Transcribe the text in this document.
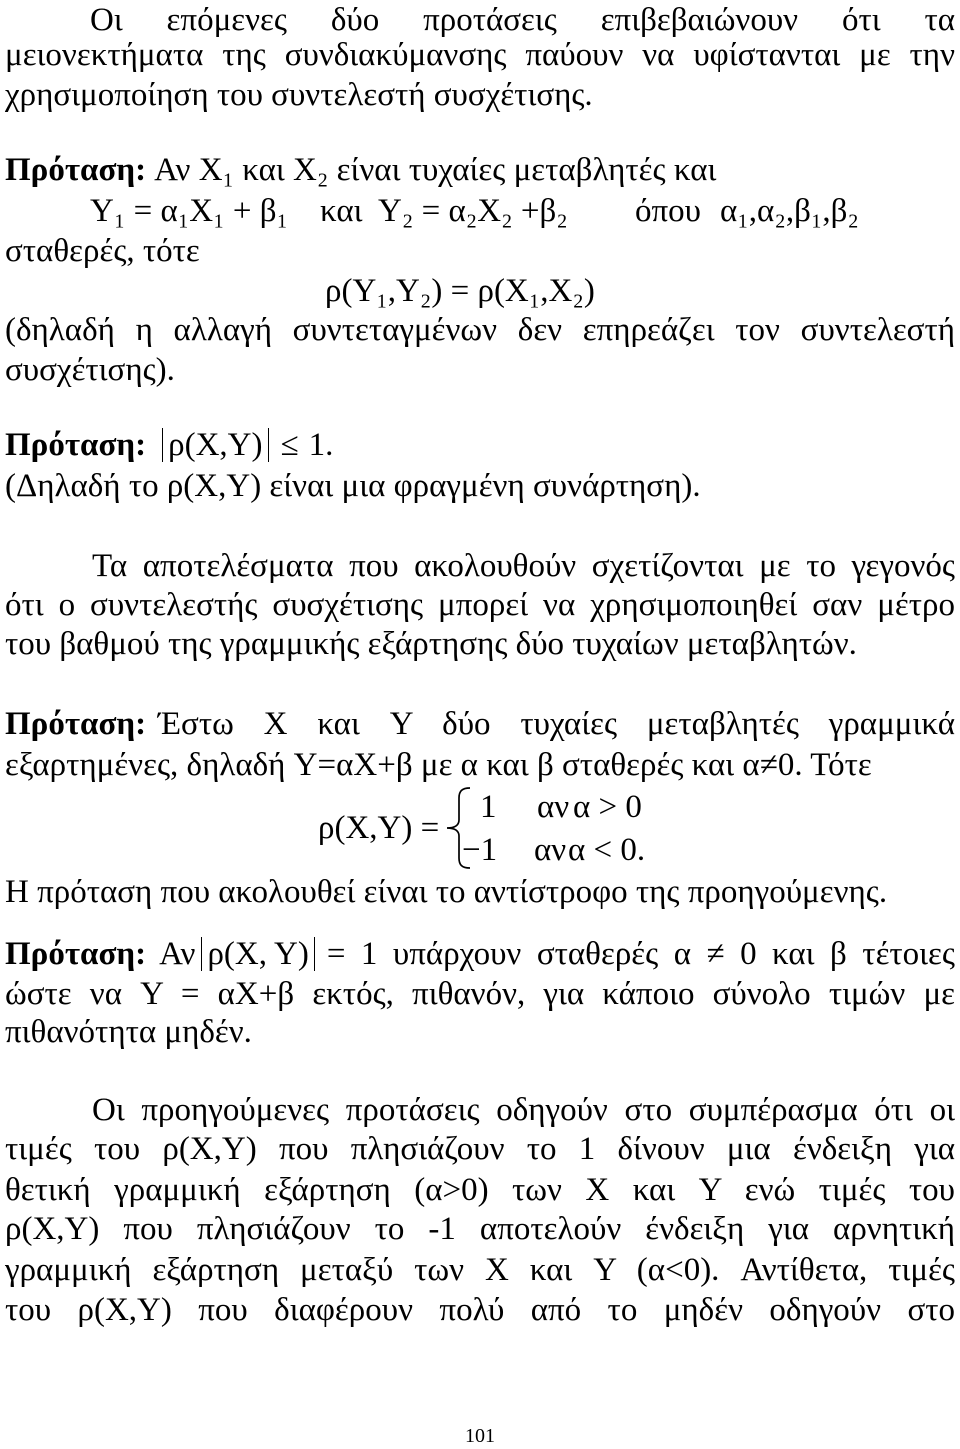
Οι επόμενες δύο προτάσεις επιβεβαιώνουν ότι τα
μειονεκτήματα της συνδιακύμανσης παύουν να υφίστανται με την
χρησιμοποίηση του συντελεστή συσχέτισης.
Πρόταση: Αν X₁ και X₂ είναι τυχαίες μεταβλητές και
Y₁ = α₁X₁ + β₁ και Y₂ = α₂X₂ +β₂ όπου α₁,α₂,β₁,β₂
σταθερές, τότε
ρ(Y₁,Y₂) = ρ(X₁,X₂)
(δηλαδή η αλλαγή συντεταγμένων δεν επηρεάζει τον συντελεστή
συσχέτισης).
Πρόταση: ρ(X,Y) ≤ 1.
(Δηλαδή το ρ(X,Y) είναι μια φραγμένη συνάρτηση).
Τα αποτελέσματα που ακολουθούν σχετίζονται με το γεγονός
ότι ο συντελεστής συσχέτισης μπορεί να χρησιμοποιηθεί σαν μέτρο
του βαθμού της γραμμικής εξάρτησης δύο τυχαίων μεταβλητών.
Πρόταση: Έστω X και Y δύο τυχαίες μεταβλητές γραμμικά
εξαρτημένες, δηλαδή Y=αX+β με α και β σταθερές και α≠0. Τότε
ρ(X,Y) =
1 αν α > 0
−1 αν α < 0.
Η πρόταση που ακολουθεί είναι το αντίστροφο της προηγούμενης.
Πρόταση: Αν ρ(X, Y) = 1 υπάρχουν σταθερές α ≠ 0 και β τέτοιες
ώστε να Y = αX+β εκτός, πιθανόν, για κάποιο σύνολο τιμών με
πιθανότητα μηδέν.
Οι προηγούμενες προτάσεις οδηγούν στο συμπέρασμα ότι οι
τιμές του ρ(X,Y) που πλησιάζουν το 1 δίνουν μια ένδειξη για
θετική γραμμική εξάρτηση (α>0) των X και Y ενώ τιμές του
ρ(X,Y) που πλησιάζουν το -1 αποτελούν ένδειξη για αρνητική
γραμμική εξάρτηση μεταξύ των X και Y (α<0). Αντίθετα, τιμές
του ρ(X,Y) που διαφέρουν πολύ από το μηδέν οδηγούν στο
101
